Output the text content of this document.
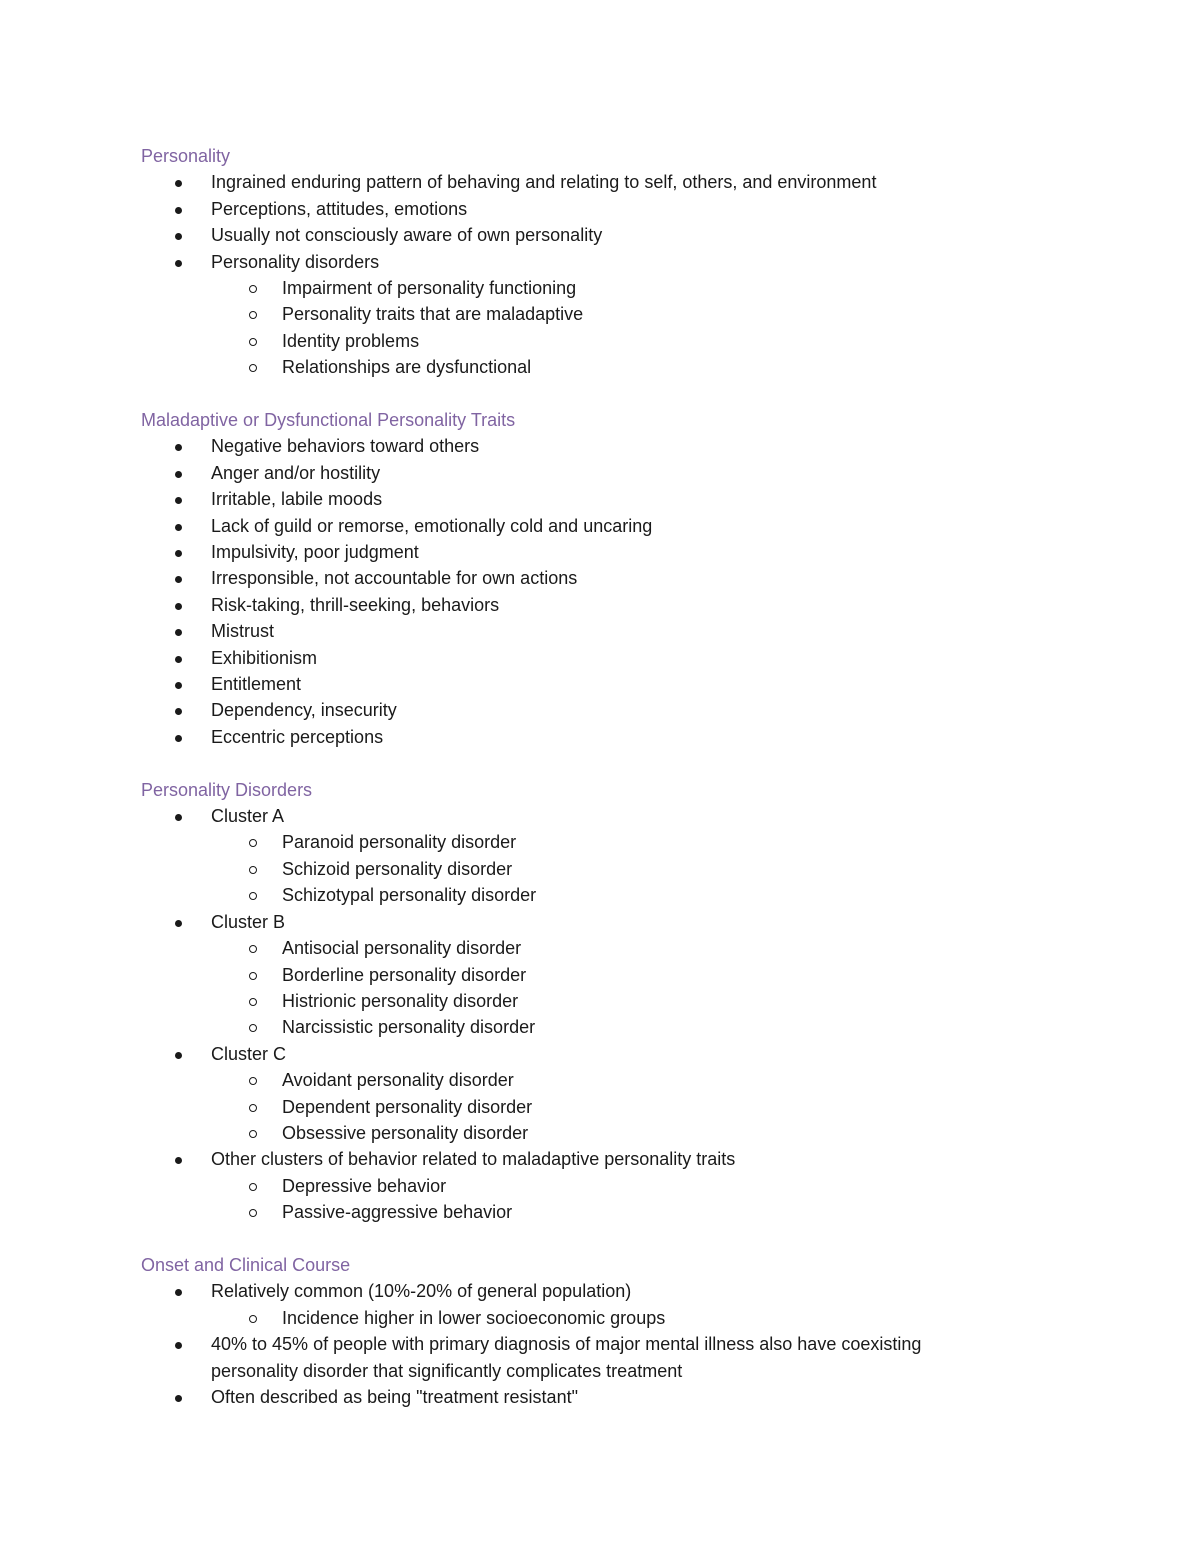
Personality
Ingrained enduring pattern of behaving and relating to self, others, and environment
Perceptions, attitudes, emotions
Usually not consciously aware of own personality
Personality disorders
Impairment of personality functioning
Personality traits that are maladaptive
Identity problems
Relationships are dysfunctional
Maladaptive or Dysfunctional Personality Traits
Negative behaviors toward others
Anger and/or hostility
Irritable, labile moods
Lack of guild or remorse, emotionally cold and uncaring
Impulsivity, poor judgment
Irresponsible, not accountable for own actions
Risk-taking, thrill-seeking, behaviors
Mistrust
Exhibitionism
Entitlement
Dependency, insecurity
Eccentric perceptions
Personality Disorders
Cluster A
Paranoid personality disorder
Schizoid personality disorder
Schizotypal personality disorder
Cluster B
Antisocial personality disorder
Borderline personality disorder
Histrionic personality disorder
Narcissistic personality disorder
Cluster C
Avoidant personality disorder
Dependent personality disorder
Obsessive personality disorder
Other clusters of behavior related to maladaptive personality traits
Depressive behavior
Passive-aggressive behavior
Onset and Clinical Course
Relatively common (10%-20% of general population)
Incidence higher in lower socioeconomic groups
40% to 45% of people with primary diagnosis of major mental illness also have coexisting personality disorder that significantly complicates treatment
Often described as being "treatment resistant"
